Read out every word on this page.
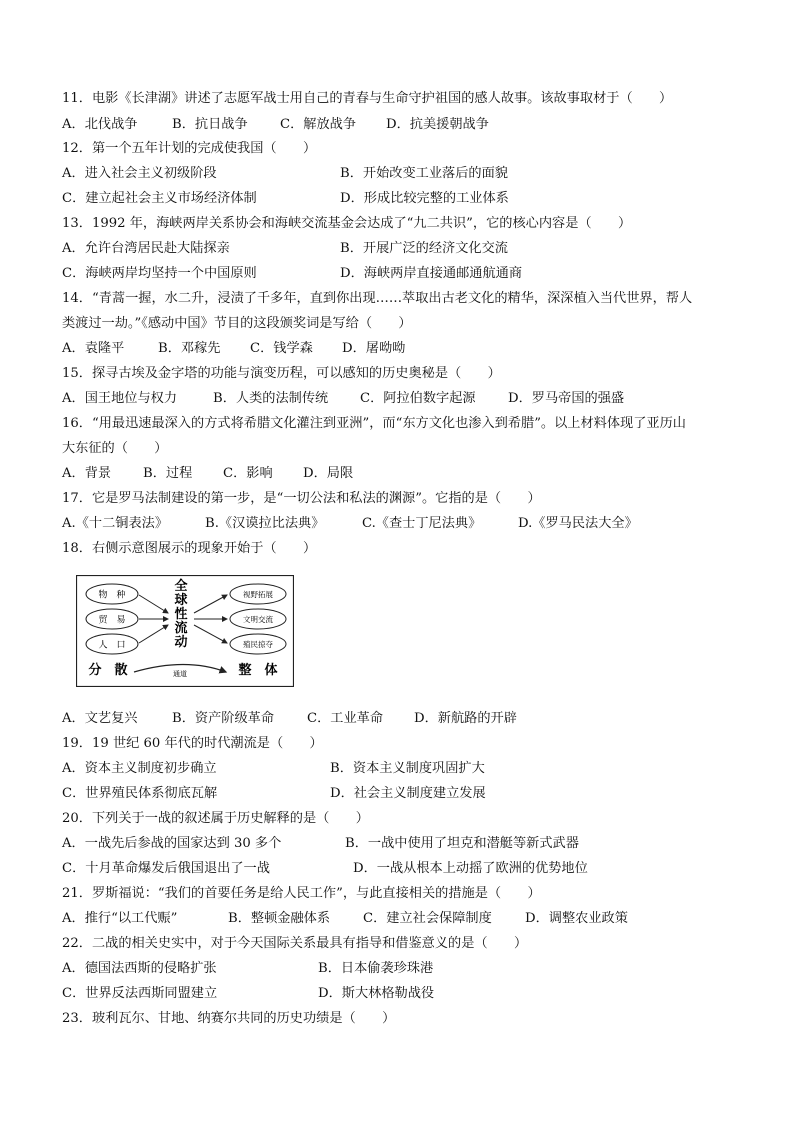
11．电影《长津湖》讲述了志愿军战士用自己的青春与生命守护祖国的感人故事。该故事取材于（　　）
A．北伐战争	B．抗日战争 C．解放战争 D．抗美援朝战争
12．第一个五年计划的完成使我国（　　）
A．进入社会主义初级阶段	B．开始改变工业落后的面貌
C．建立起社会主义市场经济体制	D．形成比较完整的工业体系
13．1992 年，海峡两岸关系协会和海峡交流基金会达成了“九二共识”，它的核心内容是（　　）
A．允许台湾居民赴大陆探亲	B．开展广泛的经济文化交流
C．海峡两岸均坚持一个中国原则	D．海峡两岸直接通邮通航通商
14．“青蒿一握，水二升，浸渍了千多年，直到你出现……萃取出古老文化的精华，深深植入当代世界，帮人
类渡过一劫。”《感动中国》节目的这段颁奖词是写给（　　）
A．袁隆平	B．邓稼先 C．钱学森 D．屠呦呦
15．探寻古埃及金字塔的功能与演变历程，可以感知的历史奥秘是（　　）
A．国王地位与权力	B．人类的法制传统 C．阿拉伯数字起源 D．罗马帝国的强盛
16．“用最迅速最深入的方式将希腊文化灌注到亚洲”，而“东方文化也渗入到希腊”。以上材料体现了亚历山
大东征的（　　）
A．背景 B．过程 C．影响 D．局限
17．它是罗马法制建设的第一步，是“一切公法和私法的渊源”。它指的是（　　）
A.《十二铜表法》	B.《汉谟拉比法典》	C.《查士丁尼法典》	D.《罗马民法大全》
18．右侧示意图展示的现象开始于（　　）
物　种
贸　易
人　口
全
球
性
流
动
视野拓展
文明交流
殖民掠夺
分　散	通道	整　体
A．文艺复兴	B．资产阶级革命 C．工业革命 D．新航路的开辟
19．19 世纪 60 年代的时代潮流是（　　）
A．资本主义制度初步确立	B．资本主义制度巩固扩大
C．世界殖民体系彻底瓦解	D．社会主义制度建立发展
20．下列关于一战的叙述属于历史解释的是（　　）
A．一战先后参战的国家达到 30 多个	B．一战中使用了坦克和潜艇等新式武器
C．十月革命爆发后俄国退出了一战	D．一战从根本上动摇了欧洲的优势地位
21．罗斯福说：“我们的首要任务是给人民工作”，与此直接相关的措施是（　　）
A．推行“以工代赈”	B．整顿金融体系 C．建立社会保障制度	D．调整农业政策
22．二战的相关史实中，对于今天国际关系最具有指导和借鉴意义的是（　　）
A．德国法西斯的侵略扩张	B．日本偷袭珍珠港
C．世界反法西斯同盟建立	D．斯大林格勒战役
23．玻利瓦尔、甘地、纳赛尔共同的历史功绩是（　　）
